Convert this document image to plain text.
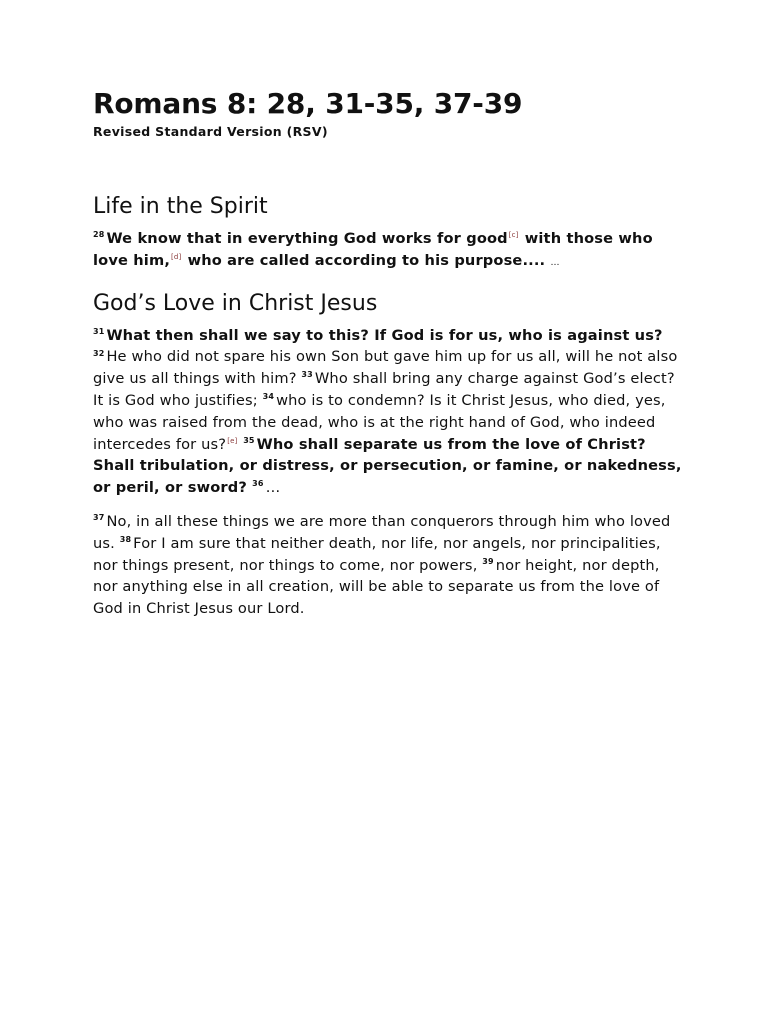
Romans 8: 28, 31-35, 37-39
Revised Standard Version (RSV)
Life in the Spirit

$^{28}$ We know that in everything God works for good[c] with those who love him,[d] who are called according to his purpose.... …

God’s Love in Christ Jesus

$^{31}$ What then shall we say to this? If God is for us, who is against us? $^{32}$ He who did not spare his own Son but gave him up for us all, will he not also give us all things with him? $^{33}$ Who shall bring any charge against God’s elect? It is God who justifies; $^{34}$ who is to condemn? Is it Christ Jesus, who died, yes, who was raised from the dead, who is at the right hand of God, who indeed intercedes for us?[e] $^{35}$ Who shall separate us from the love of Christ? Shall tribulation, or distress, or persecution, or famine, or nakedness, or peril, or sword? $^{36}$ …

$^{37}$ No, in all these things we are more than conquerors through him who loved us. $^{38}$ For I am sure that neither death, nor life, nor angels, nor principalities, nor things present, nor things to come, nor powers, $^{39}$ nor height, nor depth, nor anything else in all creation, will be able to separate us from the love of God in Christ Jesus our Lord.
